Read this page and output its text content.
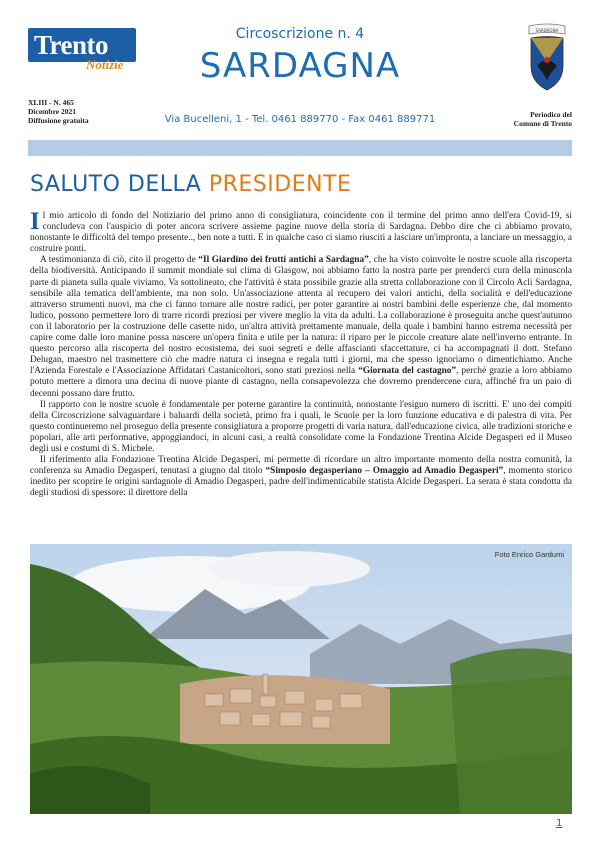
Trento
Notizie
Circoscrizione n. 4
SARDAGNA
Via Bucelleni, 1 - Tel. 0461 889770 - Fax 0461 889771
XLIII - N. 465
Dicembre 2021
Diffusione gratuita
SARDAGNA
Periodico del
Comune di Trento
SALUTO DELLA PRESIDENTE

Il mio articolo di fondo del Notiziario del primo anno di consigliatura, coincidente con il termine del primo anno dell'era Covid-19, si concludeva con l'auspicio di poter ancora scrivere assieme pagine nuove della storia di Sardagna. Debbo dire che ci abbiamo provato, nonostante le difficoltà del tempo presente.., ben note a tutti. E in qualche caso ci siamo riusciti a lasciare un'impronta, a lanciare un messaggio, a costruire ponti.

A testimonianza di ciò, cito il progetto de “Il Giardino dei frutti antichi a Sardagna”, che ha visto coinvolte le nostre scuole alla riscoperta della biodiversità. Anticipando il summit mondiale sul clima di Glasgow, noi abbiamo fatto la nostra parte per prenderci cura della minuscola parte di pianeta sulla quale viviamo. Va sottolineato, che l'attività è stata possibile grazie alla stretta collaborazione con il Circolo Acli Sardagna, sensibile alla tematica dell'ambiente, ma non solo. Un'associazione attenta al recupero dei valori antichi, della socialità e dell'educazione attraverso strumenti nuovi, ma che ci fanno tornare alle nostre radici, per poter garantire ai nostri bambini delle esperienze che, dal momento ludico, possono permettere loro di trarre ricordi preziosi per vivere meglio la vita da adulti. La collaborazione è proseguita anche quest'autunno con il laboratorio per la costruzione delle casette nido, un'altra attività prettamente manuale, della quale i bambini hanno estrema necessità per capire come dalle loro manine possa nascere un'opera finita e utile per la natura: il riparo per le piccole creature alate nell'inverno entrante. In questo percorso alla riscoperta del nostro ecosistema, dei suoi segreti e delle affascianti sfaccettature, ci ha accompagnati il dott. Stefano Delugan, maestro nel trasmettere ciò che madre natura ci insegna e regala tutti i giorni, ma che spesso ignoriamo o dimentichiamo. Anche l'Azienda Forestale e l'Associazione Affidatari Castanicoltori, sono stati preziosi nella “Giornata del castagno”, perché grazie a loro abbiamo potuto mettere a dimora una decina di nuove piante di castagno, nella consapevolezza che dovremo prendercene cura, affinché fra un paio di decenni possano dare frutto.

Il rapporto con le nostre scuole è fondamentale per poterne garantire la continuità, nonostante l'esiguo numero di iscritti. E' uno dei compiti della Circoscrizione salvaguardare i baluardi della società, primo fra i quali, le Scuole per la loro funzione educativa e di palestra di vita. Per questo continueremo nel proseguo della presente consigliatura a proporre progetti di varia natura, dall'educazione civica, alle tradizioni storiche e popolari, alle arti performative, appoggiandoci, in alcuni casi, a realtà consolidate come la Fondazione Trentina Alcide Degasperi ed il Museo degli usi e costumi di S. Michele.

Il riferimento alla Fondazione Trentina Alcide Degasperi, mi permette di ricordare un altro importante momento della nostra comunità, la conferenza su Amadio Degasperi, tenutasi a giugno dal titolo “Simposio degasperiano – Omaggio ad Amadio Degasperi”, momento storico inedito per scoprire le origini sardagnole di Amadio Degasperi, padre dell'indimenticabile statista Alcide Degasperi. La serata è stata condotta da degli studiosi di spessore: il direttore della

Foto Enrico Gardumi
1
